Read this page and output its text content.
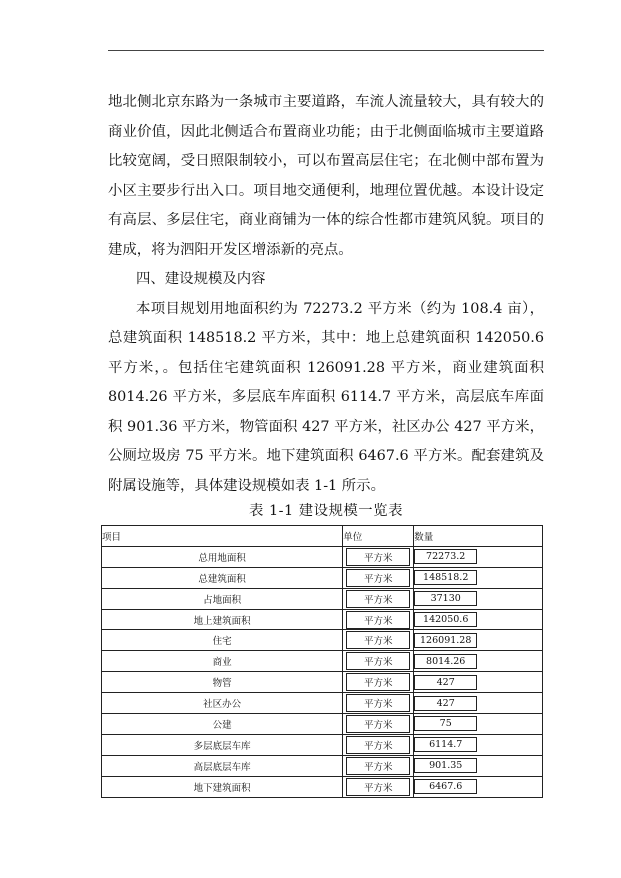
地北侧北京东路为一条城市主要道路，车流人流量较大，具有较大的商业价值，因此北侧适合布置商业功能；由于北侧面临城市主要道路比较宽阔，受日照限制较小，可以布置高层住宅；在北侧中部布置为小区主要步行出入口。项目地交通便利，地理位置优越。本设计设定有高层、多层住宅，商业商铺为一体的综合性都市建筑风貌。项目的建成，将为泗阳开发区增添新的亮点。

四、建设规模及内容

本项目规划用地面积约为 72273.2 平方米（约为 108.4 亩），总建筑面积 148518.2 平方米，其中：地上总建筑面积 142050.6 平方米，。包括住宅建筑面积 126091.28 平方米，商业建筑面积 8014.26 平方米，多层底车库面积 6114.7 平方米，高层底车库面积 901.36 平方米，物管面积 427 平方米，社区办公 427 平方米，公厕垃圾房 75 平方米。地下建筑面积 6467.6 平方米。配套建筑及附属设施等，具体建设规模如表 1-1 所示。

表 1-1 建设规模一览表
项目	单位	数量
总用地面积	平方米	72273.2
总建筑面积	平方米	148518.2
占地面积	平方米	37130
地上建筑面积	平方米	142050.6
住宅	平方米	126091.28
商业	平方米	8014.26
物管	平方米	427
社区办公	平方米	427
公建	平方米	75
多层底层车库	平方米	6114.7
高层底层车库	平方米	901.35
地下建筑面积	平方米	6467.6
